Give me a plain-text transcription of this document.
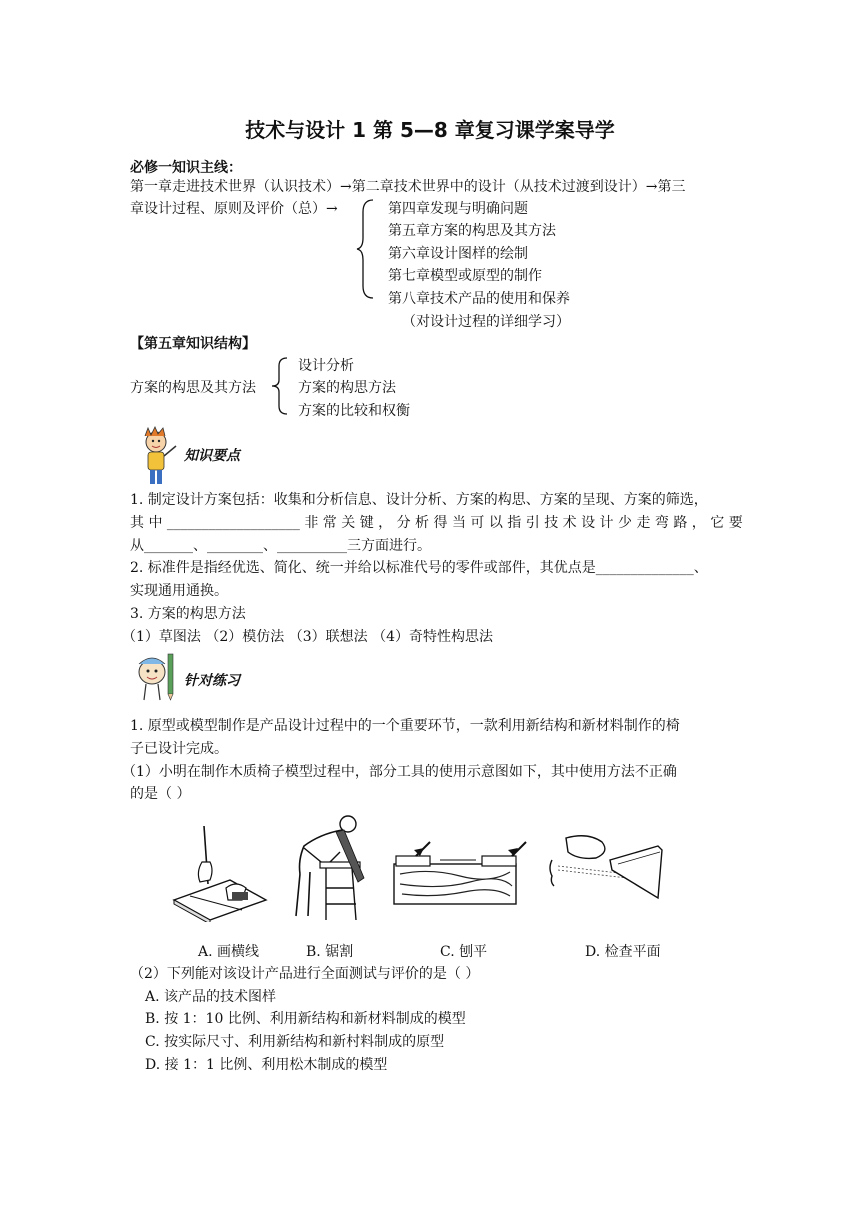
技术与设计 1 第 5—8 章复习课学案导学
必修一知识主线：
第一章走进技术世界（认识技术）→第二章技术世界中的设计（从技术过渡到设计）→第三
章设计过程、原则及评价（总）→	第四章发现与明确问题
第五章方案的构思及其方法
第六章设计图样的绘制
第七章模型或原型的制作
第八章技术产品的使用和保养
（对设计过程的详细学习）
【第五章知识结构】
方案的构思及其方法
设计分析
方案的构思方法
方案的比较和权衡
知识要点
1. 制定设计方案包括：收集和分析信息、设计分析、方案的构思、方案的呈现、方案的筛选，
其 中 ___________________ 非 常 关 键 ， 分 析 得 当 可 以 指 引 技 术 设 计 少 走 弯 路 ， 它 要
从_______、________、__________三方面进行。
2. 标准件是指经优选、简化、统一并给以标准代号的零件或部件，其优点是______________、
实现通用通换。
3. 方案的构思方法
（1）草图法 （2）模仿法 （3）联想法 （4）奇特性构思法
针对练习
1. 原型或模型制作是产品设计过程中的一个重要环节，一款利用新结构和新材料制作的椅
子已设计完成。
（1）小明在制作木质椅子模型过程中，部分工具的使用示意图如下，其中使用方法不正确
的是（ ）
A. 画横线	B. 锯割	C. 刨平	D. 检查平面
（2）下列能对该设计产品进行全面测试与评价的是（ ）
A. 该产品的技术图样
B. 按 1：10 比例、利用新结构和新材料制成的模型
C. 按实际尺寸、利用新结构和新村料制成的原型
D. 接 1：1 比例、利用松木制成的模型
